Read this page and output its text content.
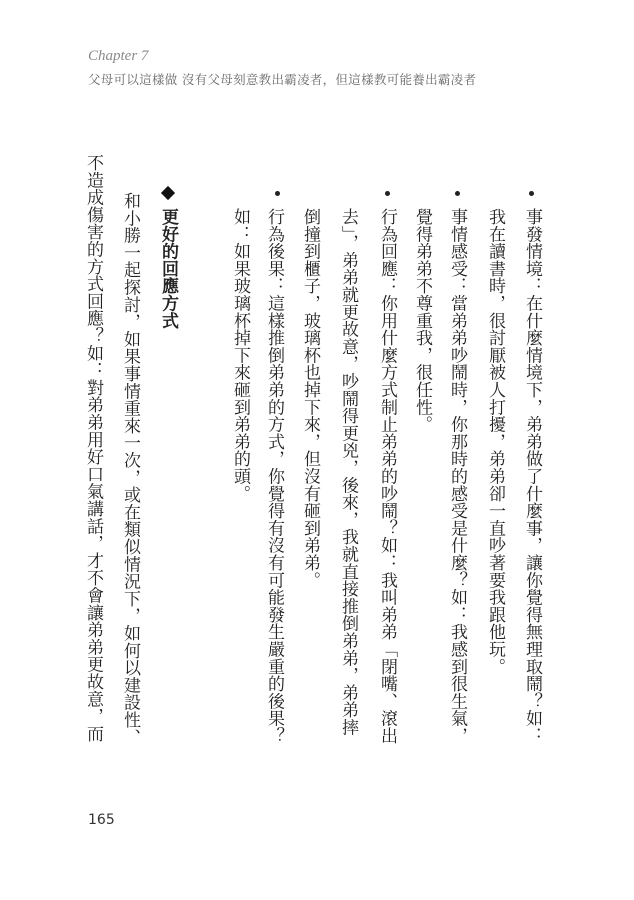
Chapter 7
父母可以這樣做 沒有父母刻意教出霸凌者，但這樣教可能養出霸凌者
事發情境：在什麼情境下，弟弟做了什麼事，讓你覺得無理取鬧？如：
我在讀書時，很討厭被人打擾，弟弟卻一直吵著要我跟他玩。
事情感受：當弟弟吵鬧時，你那時的感受是什麼？如：我感到很生氣，
覺得弟弟不尊重我，很任性。
行為回應：你用什麼方式制止弟弟的吵鬧？如：我叫弟弟「閉嘴、滾出
去」，弟弟就更故意，吵鬧得更兇，後來，我就直接推倒弟弟，弟弟摔
倒撞到櫃子，玻璃杯也掉下來，但沒有砸到弟弟。
行為後果：這樣推倒弟弟的方式，你覺得有沒有可能發生嚴重的後果？
如：如果玻璃杯掉下來砸到弟弟的頭。
更好的回應方式
和小勝一起探討，如果事情重來一次，或在類似情況下，如何以建設性、
不造成傷害的方式回應？如：對弟弟用好口氣講話，才不會讓弟弟更故意，而
165
